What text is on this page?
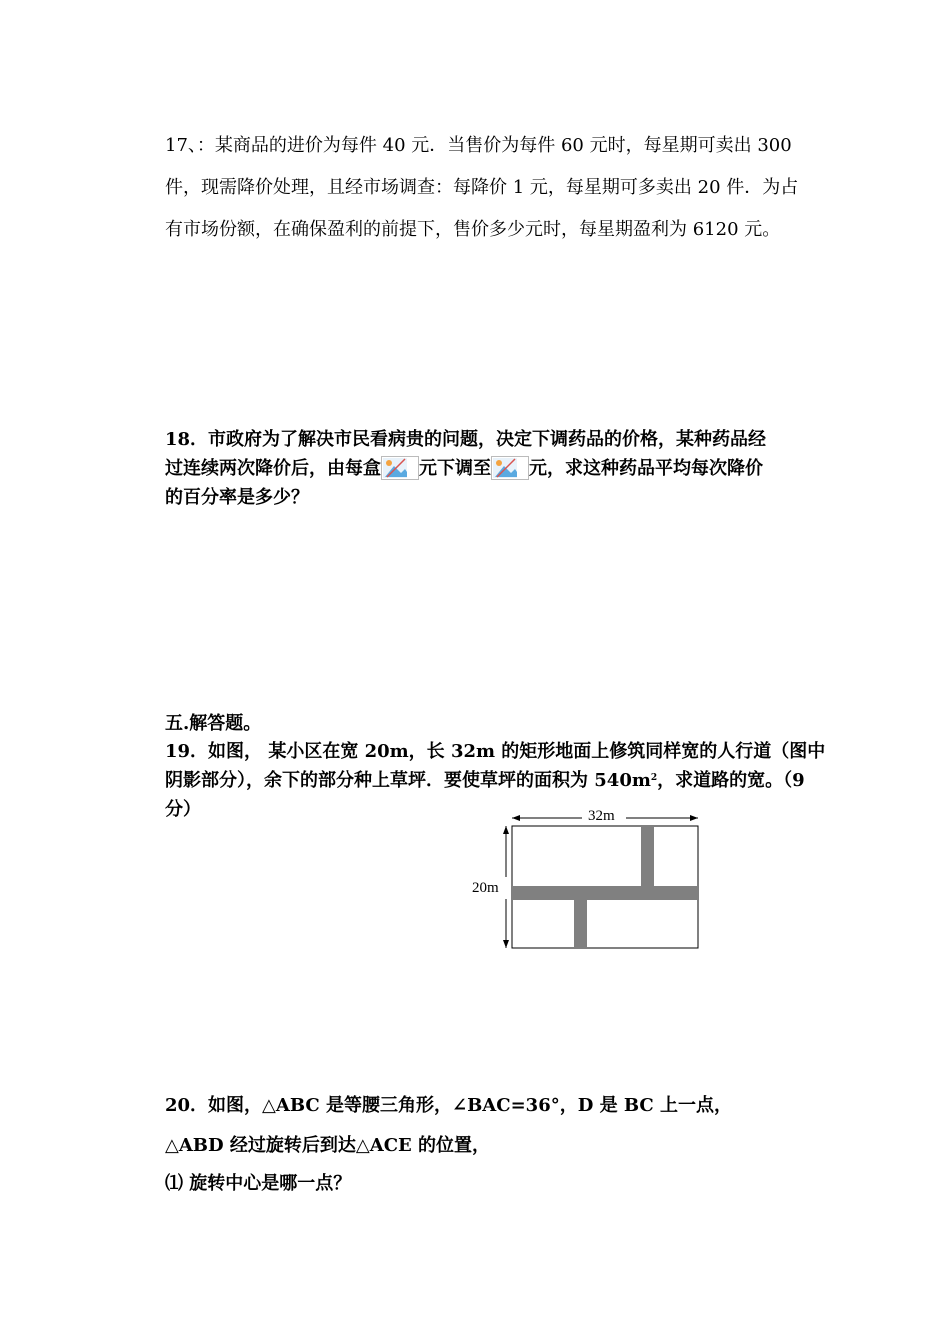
17、：某商品的进价为每件 40 元．当售价为每件 60 元时，每星期可卖出 300
件，现需降价处理，且经市场调查：每降价 1 元，每星期可多卖出 20 件．为占
有市场份额，在确保盈利的前提下，售价多少元时，每星期盈利为 6120 元。
18．市政府为了解决市民看病贵的问题，决定下调药品的价格，某种药品经
过连续两次降价后，由每盒 元下调至 元，求这种药品平均每次降价
的百分率是多少？
五.解答题。
19．如图， 某小区在宽 20m，长 32m 的矩形地面上修筑同样宽的人行道（图中
阴影部分），余下的部分种上草坪．要使草坪的面积为 $540m^2$，求道路的宽。（9
分）	32m
20m
20．如图，△ABC 是等腰三角形，∠BAC=36°，D 是 BC 上一点，
△ABD 经过旋转后到达△ACE 的位置，
⑴ 旋转中心是哪一点？
